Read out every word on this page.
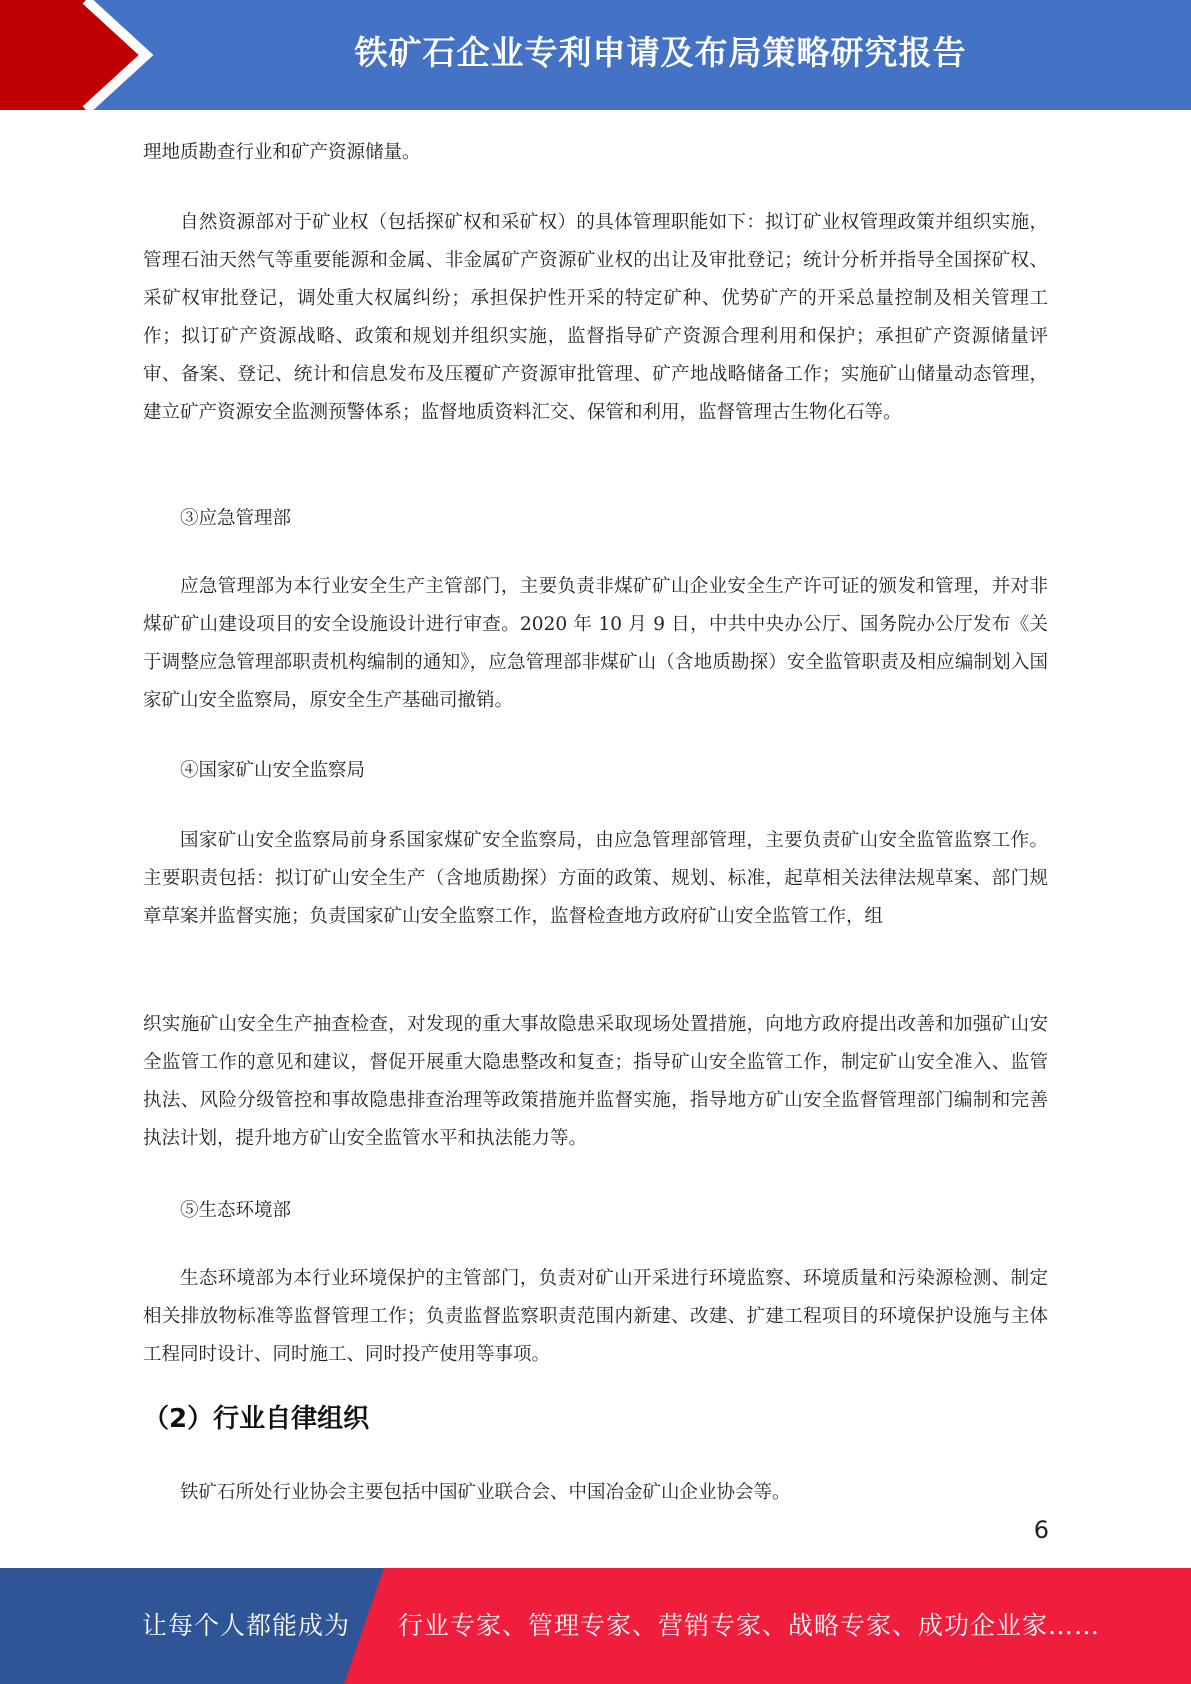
铁矿石企业专利申请及布局策略研究报告

理地质勘查行业和矿产资源储量。

自然资源部对于矿业权（包括探矿权和采矿权）的具体管理职能如下：拟订矿业权管理政策并组织实施，管理石油天然气等重要能源和金属、非金属矿产资源矿业权的出让及审批登记；统计分析并指导全国探矿权、采矿权审批登记，调处重大权属纠纷；承担保护性开采的特定矿种、优势矿产的开采总量控制及相关管理工作；拟订矿产资源战略、政策和规划并组织实施，监督指导矿产资源合理利用和保护；承担矿产资源储量评审、备案、登记、统计和信息发布及压覆矿产资源审批管理、矿产地战略储备工作；实施矿山储量动态管理，建立矿产资源安全监测预警体系；监督地质资料汇交、保管和利用，监督管理古生物化石等。

③应急管理部

应急管理部为本行业安全生产主管部门，主要负责非煤矿矿山企业安全生产许可证的颁发和管理，并对非煤矿矿山建设项目的安全设施设计进行审查。2020 年 10 月 9 日，中共中央办公厅、国务院办公厅发布《关于调整应急管理部职责机构编制的通知》，应急管理部非煤矿山（含地质勘探）安全监管职责及相应编制划入国家矿山安全监察局，原安全生产基础司撤销。

④国家矿山安全监察局

国家矿山安全监察局前身系国家煤矿安全监察局，由应急管理部管理，主要负责矿山安全监管监察工作。主要职责包括：拟订矿山安全生产（含地质勘探）方面的政策、规划、标准，起草相关法律法规草案、部门规章草案并监督实施；负责国家矿山安全监察工作，监督检查地方政府矿山安全监管工作，组

织实施矿山安全生产抽查检查，对发现的重大事故隐患采取现场处置措施，向地方政府提出改善和加强矿山安全监管工作的意见和建议，督促开展重大隐患整改和复查；指导矿山安全监管工作，制定矿山安全准入、监管执法、风险分级管控和事故隐患排查治理等政策措施并监督实施，指导地方矿山安全监督管理部门编制和完善执法计划，提升地方矿山安全监管水平和执法能力等。

⑤生态环境部

生态环境部为本行业环境保护的主管部门，负责对矿山开采进行环境监察、环境质量和污染源检测、制定相关排放物标准等监督管理工作；负责监督监察职责范围内新建、改建、扩建工程项目的环境保护设施与主体工程同时设计、同时施工、同时投产使用等事项。

（2）行业自律组织

铁矿石所处行业协会主要包括中国矿业联合会、中国冶金矿山企业协会等。

6
让每个人都能成为 行业专家、管理专家、营销专家、战略专家、成功企业家……
